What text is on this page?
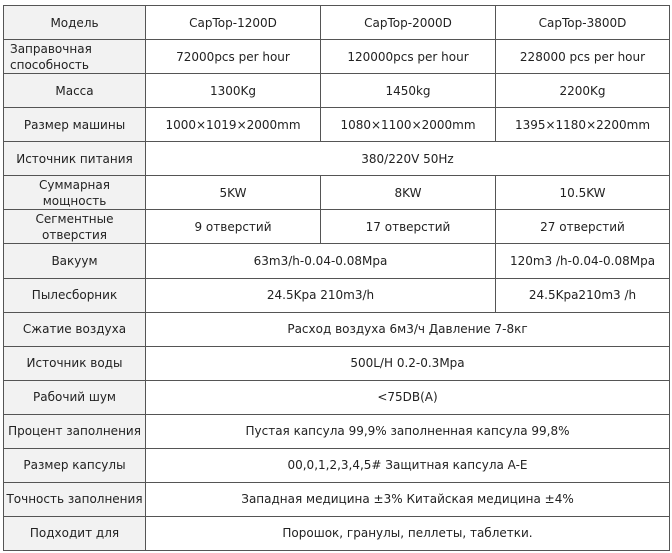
Модель	CapTop-1200D	CapTop-2000D	CapTop-3800D
Заправочная способность	72000pcs per hour	120000pcs per hour	228000 pcs per hour
Масса	1300Kg	1450kg	2200Kg
Размер машины	1000×1019×2000mm	1080×1100×2000mm	1395×1180×2200mm
Источник питания	380/220V 50Hz		
Суммарная мощность	5KW	8KW	10.5KW
Сегментные отверстия	9 отверстий	17 отверстий	27 отверстий
Вакуум	63m3/h-0.04-0.08Mpa		120m3 /h-0.04-0.08Mpa
Пылесборник	24.5Kpa 210m3/h		24.5Kpa210m3 /h
Сжатие воздуха	Расход воздуха 6м3/ч Давление 7-8кг		
Источник воды	500L/H 0.2-0.3Mpa		
Рабочий шум	<75DB(A)		
Процент заполнения	Пустая капсула 99,9% заполненная капсула 99,8%		
Размер капсулы	00,0,1,2,3,4,5# Защитная капсула A-E		
Точность заполнения	Западная медицина ±3% Китайская медицина ±4%		
Подходит для	Порошок, гранулы, пеллеты, таблетки.		
